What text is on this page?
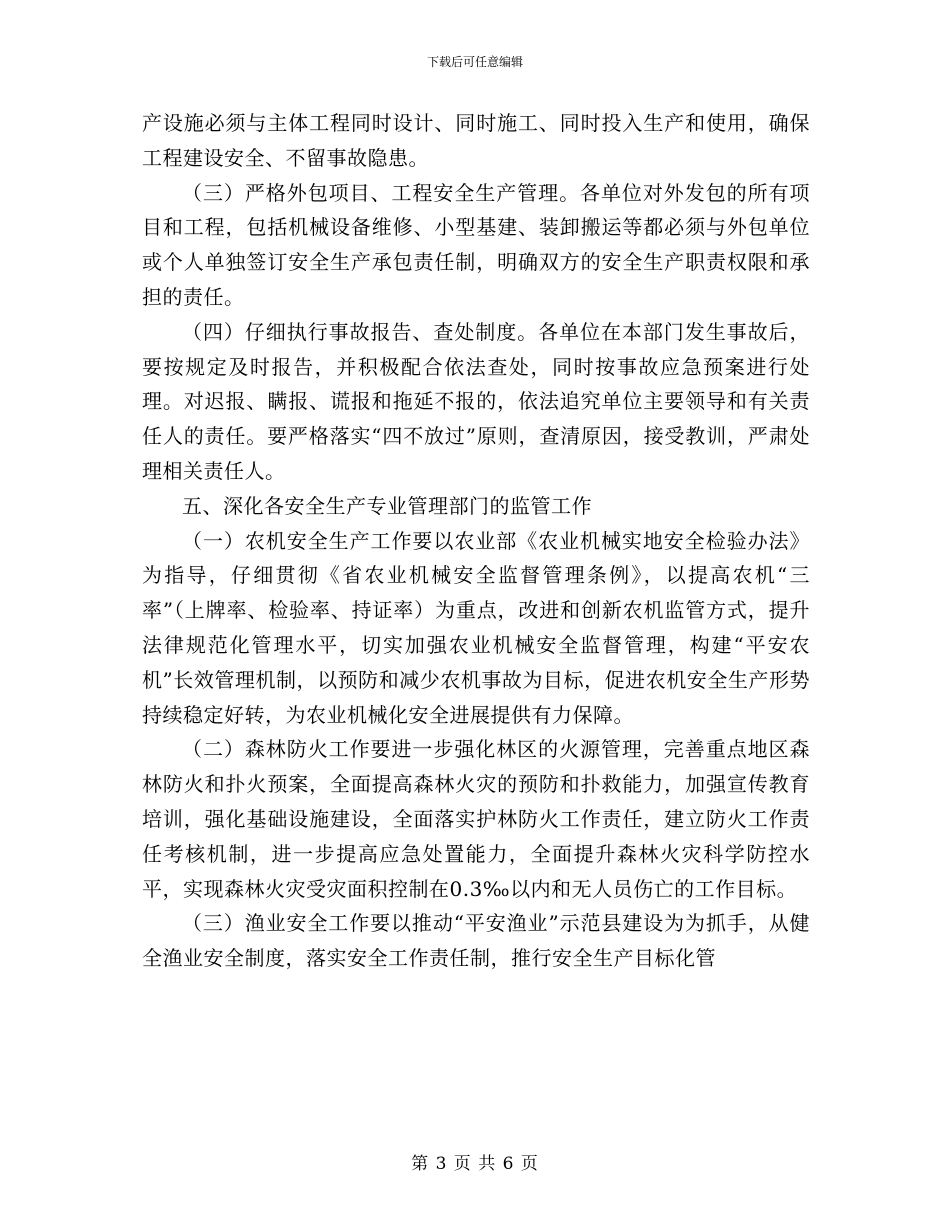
下载后可任意编辑

产设施必须与主体工程同时设计、同时施工、同时投入生产和使用，确保工程建设安全、不留事故隐患。

（三）严格外包项目、工程安全生产管理。各单位对外发包的所有项目和工程，包括机械设备维修、小型基建、装卸搬运等都必须与外包单位或个人单独签订安全生产承包责任制，明确双方的安全生产职责权限和承担的责任。

（四）仔细执行事故报告、查处制度。各单位在本部门发生事故后，要按规定及时报告，并积极配合依法查处，同时按事故应急预案进行处理。对迟报、瞒报、谎报和拖延不报的，依法追究单位主要领导和有关责任人的责任。要严格落实“四不放过”原则，查清原因，接受教训，严肃处理相关责任人。

五、深化各安全生产专业管理部门的监管工作

（一）农机安全生产工作要以农业部《农业机械实地安全检验办法》为指导，仔细贯彻《省农业机械安全监督管理条例》，以提高农机“三率”（上牌率、检验率、持证率）为重点，改进和创新农机监管方式，提升法律规范化管理水平，切实加强农业机械安全监督管理，构建“平安农机”长效管理机制，以预防和减少农机事故为目标，促进农机安全生产形势持续稳定好转，为农业机械化安全进展提供有力保障。

（二）森林防火工作要进一步强化林区的火源管理，完善重点地区森林防火和扑火预案，全面提高森林火灾的预防和扑救能力，加强宣传教育培训，强化基础设施建设，全面落实护林防火工作责任，建立防火工作责任考核机制，进一步提高应急处置能力，全面提升森林火灾科学防控水平，实现森林火灾受灾面积控制在0.3‰以内和无人员伤亡的工作目标。

（三）渔业安全工作要以推动“平安渔业”示范县建设为为抓手，从健全渔业安全制度，落实安全工作责任制，推行安全生产目标化管

第 3 页 共 6 页
